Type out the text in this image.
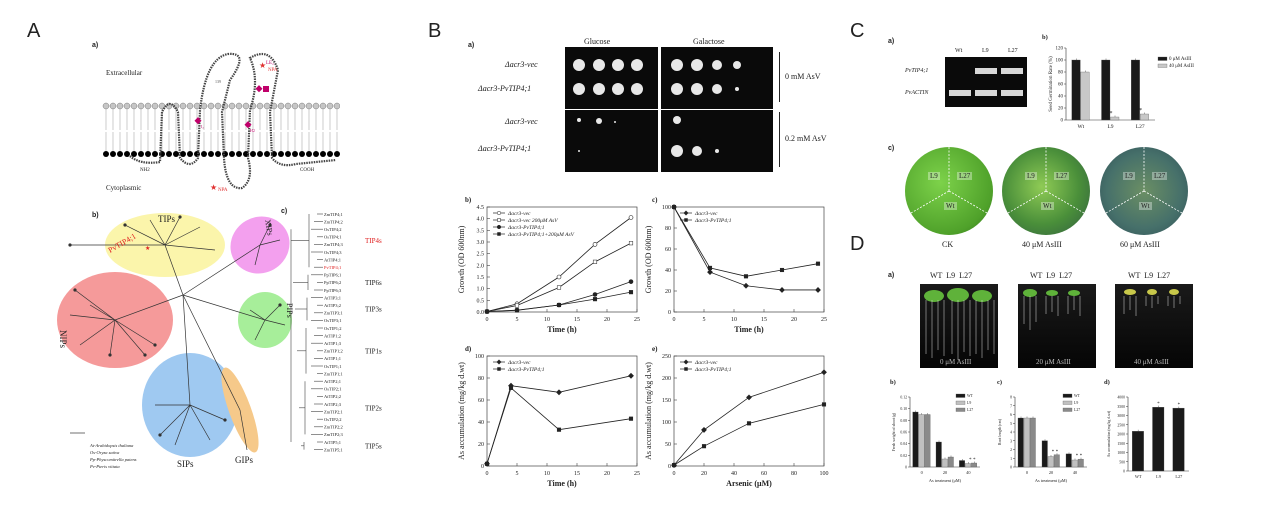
A
a)
★
★
LE₂
NPA
NPA
I₂
H2
139
Extracellular
Cytoplasmic
NH2	COOH
b)	TIPs	XIPs
PIPs
NIPs
SIPs	GIPs
PvTIP4;1 ★
At-Arabidopsis thaliana
Os-Oryza sativa
Pp-Physcomitrella patens
Pv-Pteris vittata
c)	ZmTIP4;1
ZmTIP4;2
OsTIP4;2
OsTIP4;1
ZmTIP4;3
OsTIP4;3
AtTIP4;1
PvTIP4;1
PpTIP6;1
PpTIP6;2
PpTIP6;3
AtTIP3;1
AtTIP3;2
ZmTIP3;1
OsTIP3;1
OsTIP1;2
AtTIP1;2
AtTIP1;3
ZmTIP1;2
AtTIP1;1
OsTIP1;1
ZmTIP1;1
AtTIP2;1
OsTIP2;1
AtTIP2;2
AtTIP2;3
ZmTIP2;1
OsTIP2;2
ZmTIP2;2
ZmTIP2;3
AtTIP5;1
ZmTIP5;1
TIP4s
TIP6s
TIP3s
TIP1s
TIP2s
TIP5s
B
a)	Glucose	Galactose
Δacr3-vec
Δacr3-PvTIP4;1
Δacr3-vec
Δacr3-PvTIP4;1
0 mM AsV
0.2 mM AsV
b)
0	5	10	15	20	25
0.0
0.5
1.0
1.5
2.0
2.5
3.0
3.5
4.0
4.5
Time (h)
Growth (OD 600nm)
Δacr3-vec
Δacr3-vec 200μM AsV
Δacr3-PvTIP4;1
Δacr3-PvTIP4;1+200μM AsV
c)
0	5	10	15	20	25
0
20
40
60
80
100
Time (h)
Growth (OD 600nm)
Δacr3-vec
Δacr3-PvTIP4;1
d)
0	5	10	15	20	25
0
20
40
60
80
100
Time (h)
As accumulation (mg/kg d.wt)	Δacr3-vec
Δacr3-PvTIP4;1
e)
0	20	40	60	80	100
0
50
100
150
200
250
Arsenic (μM)
As accumulation (mg/kg d.wt)	Δacr3-vec
Δacr3-PvTIP4;1
C	a)
Wt	L9	L27
PvTIP4;1
PvACTIN
b)
0
20
40
60
80
100
120
Wt	L9
*
L27
*
Seed Germination Rate (%)	0 μM AsIII
40 μM AsIII
c)
L9	L27
Wt
L9	L27
Wt
L9	L27
Wt
CK	40 μM AsIII	60 μM AsIII
D
a)	WT  L9  L27	WT  L9  L27	WT  L9  L27
0 μM AsIII	20 μM AsIII	40 μM AsIII
b)
0
0.02
0.04
0.06
0.08
0.10
0.12
0	20	40
* *
As treatment (μM)
Fresh weight of shoot (g)
WT
L9
L27
c)
0
1
2
3
4
5
6
7
8
0	20
* *
40
* *
As treatment (μM)
Root length (cm)
WT
L9
L27
d)
0
500
1000
1500
2000
2500
3000
3500
4000
WT	L9
*
L27
*
As accumulation (mg/kg d.wt)
